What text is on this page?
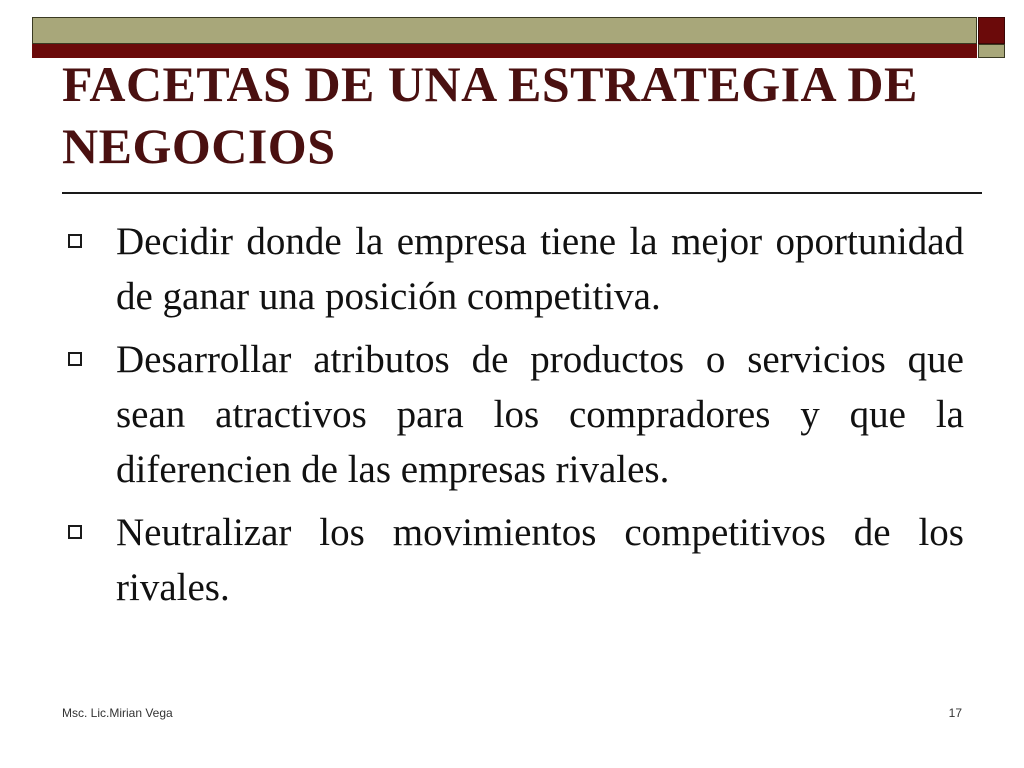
FACETAS DE UNA ESTRATEGIA DE NEGOCIOS
Decidir donde la empresa tiene la mejor oportunidad de ganar una posición competitiva.
Desarrollar atributos de productos o servicios que sean atractivos para los compradores y que la diferencien de las empresas rivales.
Neutralizar los movimientos competitivos de los rivales.
Msc. Lic.Mirian Vega	17
